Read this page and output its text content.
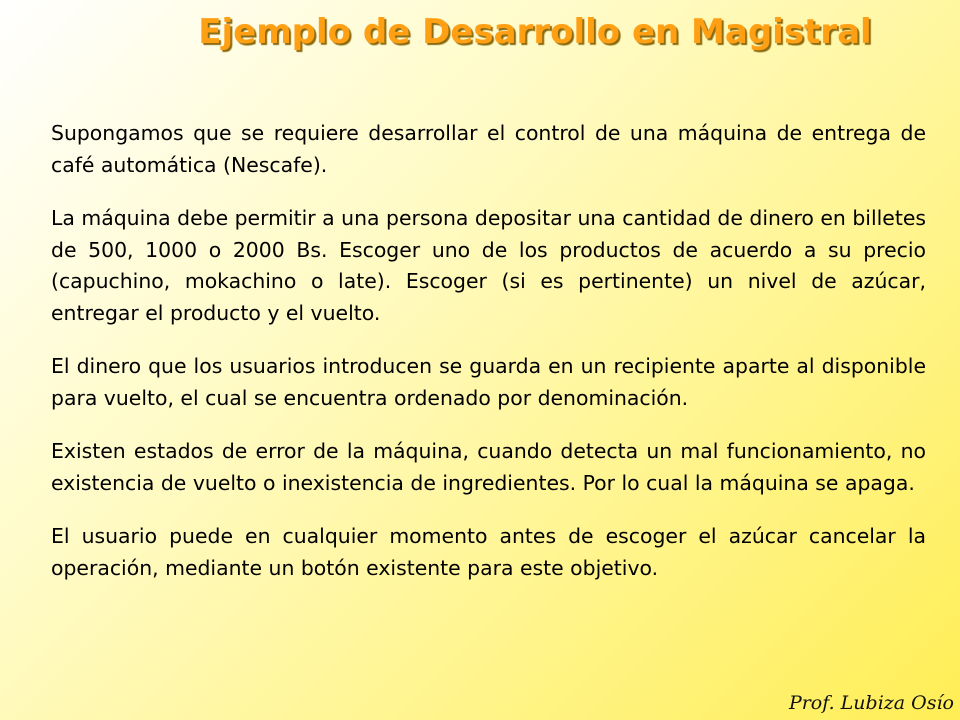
Ejemplo de Desarrollo en Magistral

Supongamos que se requiere desarrollar el control de una máquina de entrega de café automática (Nescafe).

La máquina debe permitir a una persona depositar una cantidad de dinero en billetes de 500, 1000 o 2000 Bs. Escoger uno de los productos de acuerdo a su precio (capuchino, mokachino o late). Escoger (si es pertinente) un nivel de azúcar, entregar el producto y el vuelto.

El dinero que los usuarios introducen se guarda en un recipiente aparte al disponible para vuelto, el cual se encuentra ordenado por denominación.

Existen estados de error de la máquina, cuando detecta un mal funcionamiento, no existencia de vuelto o inexistencia de ingredientes. Por lo cual la máquina se apaga.

El usuario puede en cualquier momento antes de escoger el azúcar cancelar la operación, mediante un botón existente para este objetivo.

Prof. Lubiza Osío
